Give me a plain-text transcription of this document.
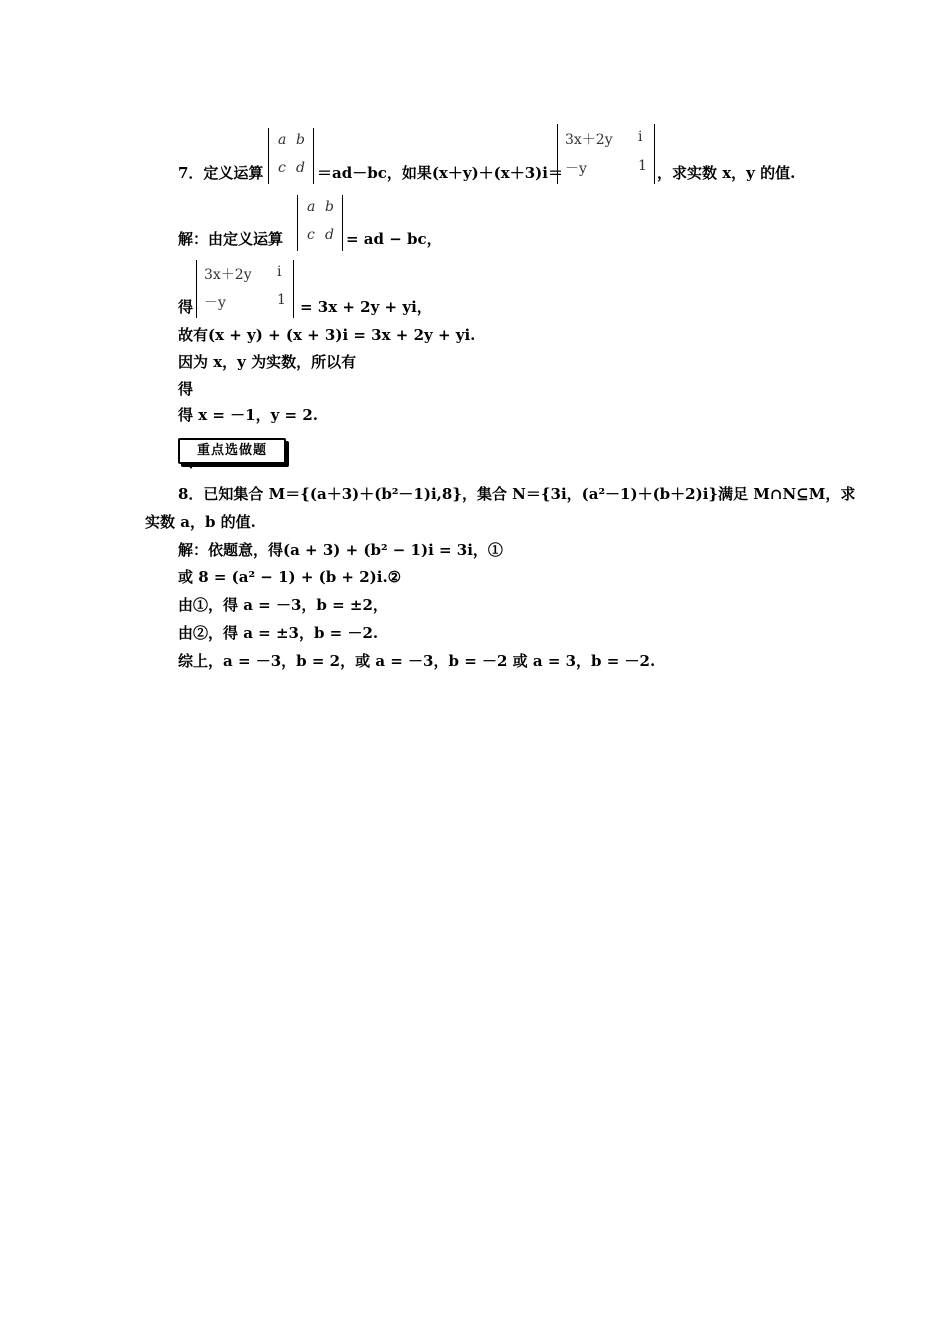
7．定义运算
a b
c d ＝ad－bc，如果(x＋y)＋(x＋3)i＝
3x＋2y i
－y	1 ，求实数 x，y 的值.
解：由定义运算
a b
c d = ad − bc，
得
3x＋2y i
－y	1 = 3x + 2y + yi，
故有(x + y) + (x + 3)i = 3x + 2y + yi.
因为 x，y 为实数，所以有
得
得 x = －1，y = 2.
重点选做题
8．已知集合 M＝{(a＋3)＋(b²－1)i,8}，集合 N＝{3i，(a²－1)＋(b＋2)i}满足 M∩N⊆M，求
实数 a，b 的值.
解：依题意，得(a + 3) + (b² − 1)i = 3i，①
或 8 = (a² − 1) + (b + 2)i.②
由①，得 a = －3，b = ±2，
由②，得 a = ±3，b = －2.
综上，a = －3，b = 2，或 a = －3，b = －2 或 a = 3，b = －2.
